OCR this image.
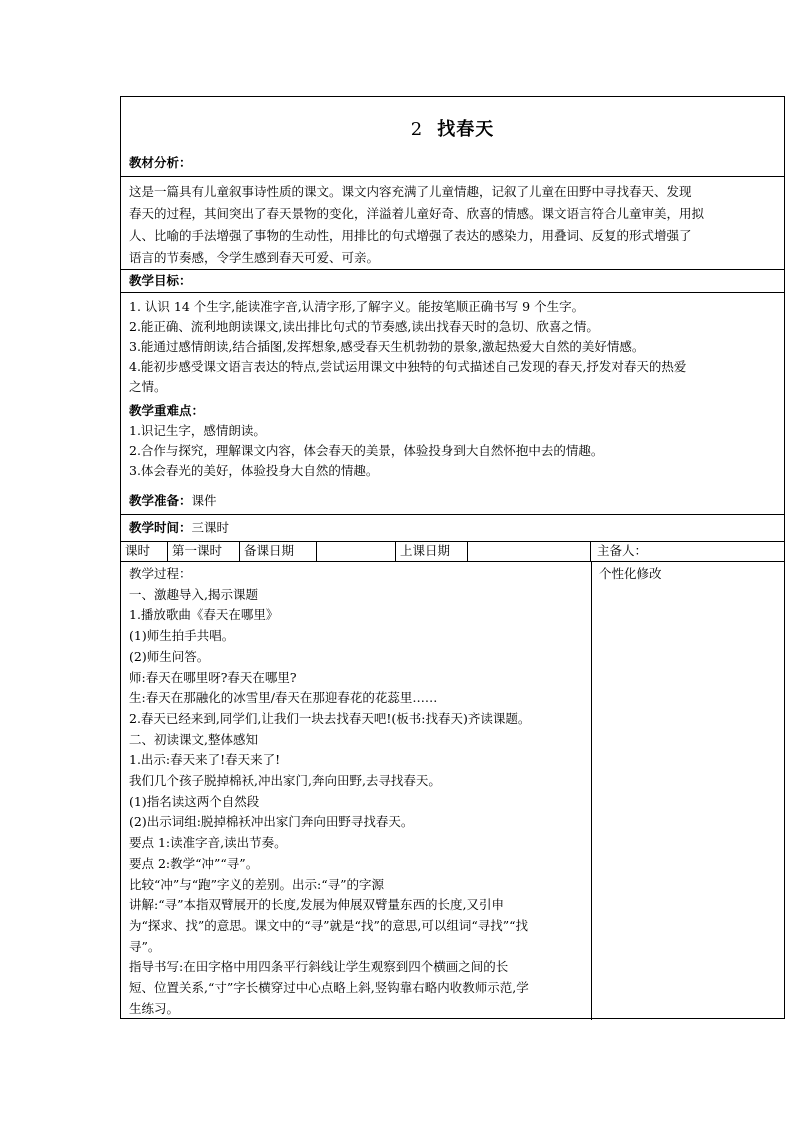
2 找春天
教材分析：
这是一篇具有儿童叙事诗性质的课文。课文内容充满了儿童情趣，记叙了儿童在田野中寻找春天、发现
春天的过程，其间突出了春天景物的变化，洋溢着儿童好奇、欣喜的情感。课文语言符合儿童审美，用拟
人、比喻的手法增强了事物的生动性，用排比的句式增强了表达的感染力，用叠词、反复的形式增强了
语言的节奏感，令学生感到春天可爱、可亲。
教学目标：
1. 认识 14 个生字,能读准字音,认清字形,了解字义。能按笔顺正确书写 9 个生字。
2.能正确、流利地朗读课文,读出排比句式的节奏感,读出找春天时的急切、欣喜之情。
3.能通过感情朗读,结合插图,发挥想象,感受春天生机勃勃的景象,激起热爱大自然的美好情感。
4.能初步感受课文语言表达的特点,尝试运用课文中独特的句式描述自己发现的春天,抒发对春天的热爱
之情。
教学重难点：
1.识记生字，感情朗读。
2.合作与探究，理解课文内容，体会春天的美景，体验投身到大自然怀抱中去的情趣。
3.体会春光的美好，体验投身大自然的情趣。
教学准备：课件
教学时间：三课时
课时	第一课时	备课日期	上课日期	主备人：
教学过程：
一、激趣导入,揭示课题
1.播放歌曲《春天在哪里》
(1)师生拍手共唱。
(2)师生问答。
师:春天在哪里呀?春天在哪里?
生:春天在那融化的冰雪里/春天在那迎春花的花蕊里……
2.春天已经来到,同学们,让我们一块去找春天吧!(板书:找春天)齐读课题。
二、初读课文,整体感知
1.出示:春天来了!春天来了!
我们几个孩子脱掉棉袄,冲出家门,奔向田野,去寻找春天。
(1)指名读这两个自然段
(2)出示词组:脱掉棉袄冲出家门奔向田野寻找春天。
要点 1:读准字音,读出节奏。
要点 2:教学“冲”“寻”。
比较“冲”与“跑”字义的差别。出示:“寻”的字源
讲解:“寻”本指双臂展开的长度,发展为伸展双臂量东西的长度,又引申
为“探求、找”的意思。课文中的“寻”就是“找”的意思,可以组词“寻找”“找
寻”。
指导书写:在田字格中用四条平行斜线让学生观察到四个横画之间的长
短、位置关系,“寸”字长横穿过中心点略上斜,竖钩靠右略内收教师示范,学
生练习。
个性化修改
